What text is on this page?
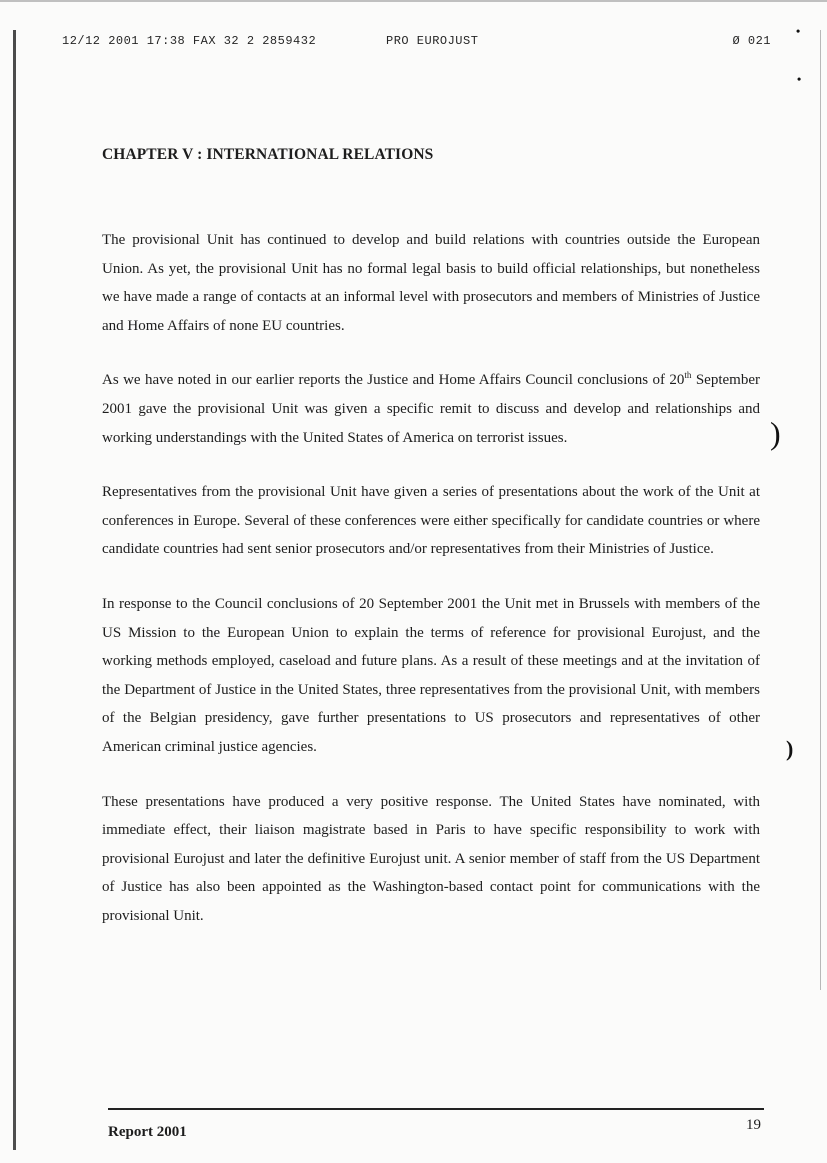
12/12 2001 17:38 FAX 32 2 2859432	PRO EUROJUST	Ø 021
•
•
)
)
CHAPTER V : INTERNATIONAL RELATIONS

The provisional Unit has continued to develop and build relations with countries outside the European Union. As yet, the provisional Unit has no formal legal basis to build official relationships, but nonetheless we have made a range of contacts at an informal level with prosecutors and members of Ministries of Justice and Home Affairs of none EU countries.

As we have noted in our earlier reports the Justice and Home Affairs Council conclusions of 20th September 2001 gave the provisional Unit was given a specific remit to discuss and develop and relationships and working understandings with the United States of America on terrorist issues.

Representatives from the provisional Unit have given a series of presentations about the work of the Unit at conferences in Europe. Several of these conferences were either specifically for candidate countries or where candidate countries had sent senior prosecutors and/or representatives from their Ministries of Justice.

In response to the Council conclusions of 20 September 2001 the Unit met in Brussels with members of the US Mission to the European Union to explain the terms of reference for provisional Eurojust, and the working methods employed, caseload and future plans. As a result of these meetings and at the invitation of the Department of Justice in the United States, three representatives from the provisional Unit, with members of the Belgian presidency, gave further presentations to US prosecutors and representatives of other American criminal justice agencies.

These presentations have produced a very positive response. The United States have nominated, with immediate effect, their liaison magistrate based in Paris to have specific responsibility to work with provisional Eurojust and later the definitive Eurojust unit. A senior member of staff from the US Department of Justice has also been appointed as the Washington-based contact point for communications with the provisional Unit.

Report 2001	19
